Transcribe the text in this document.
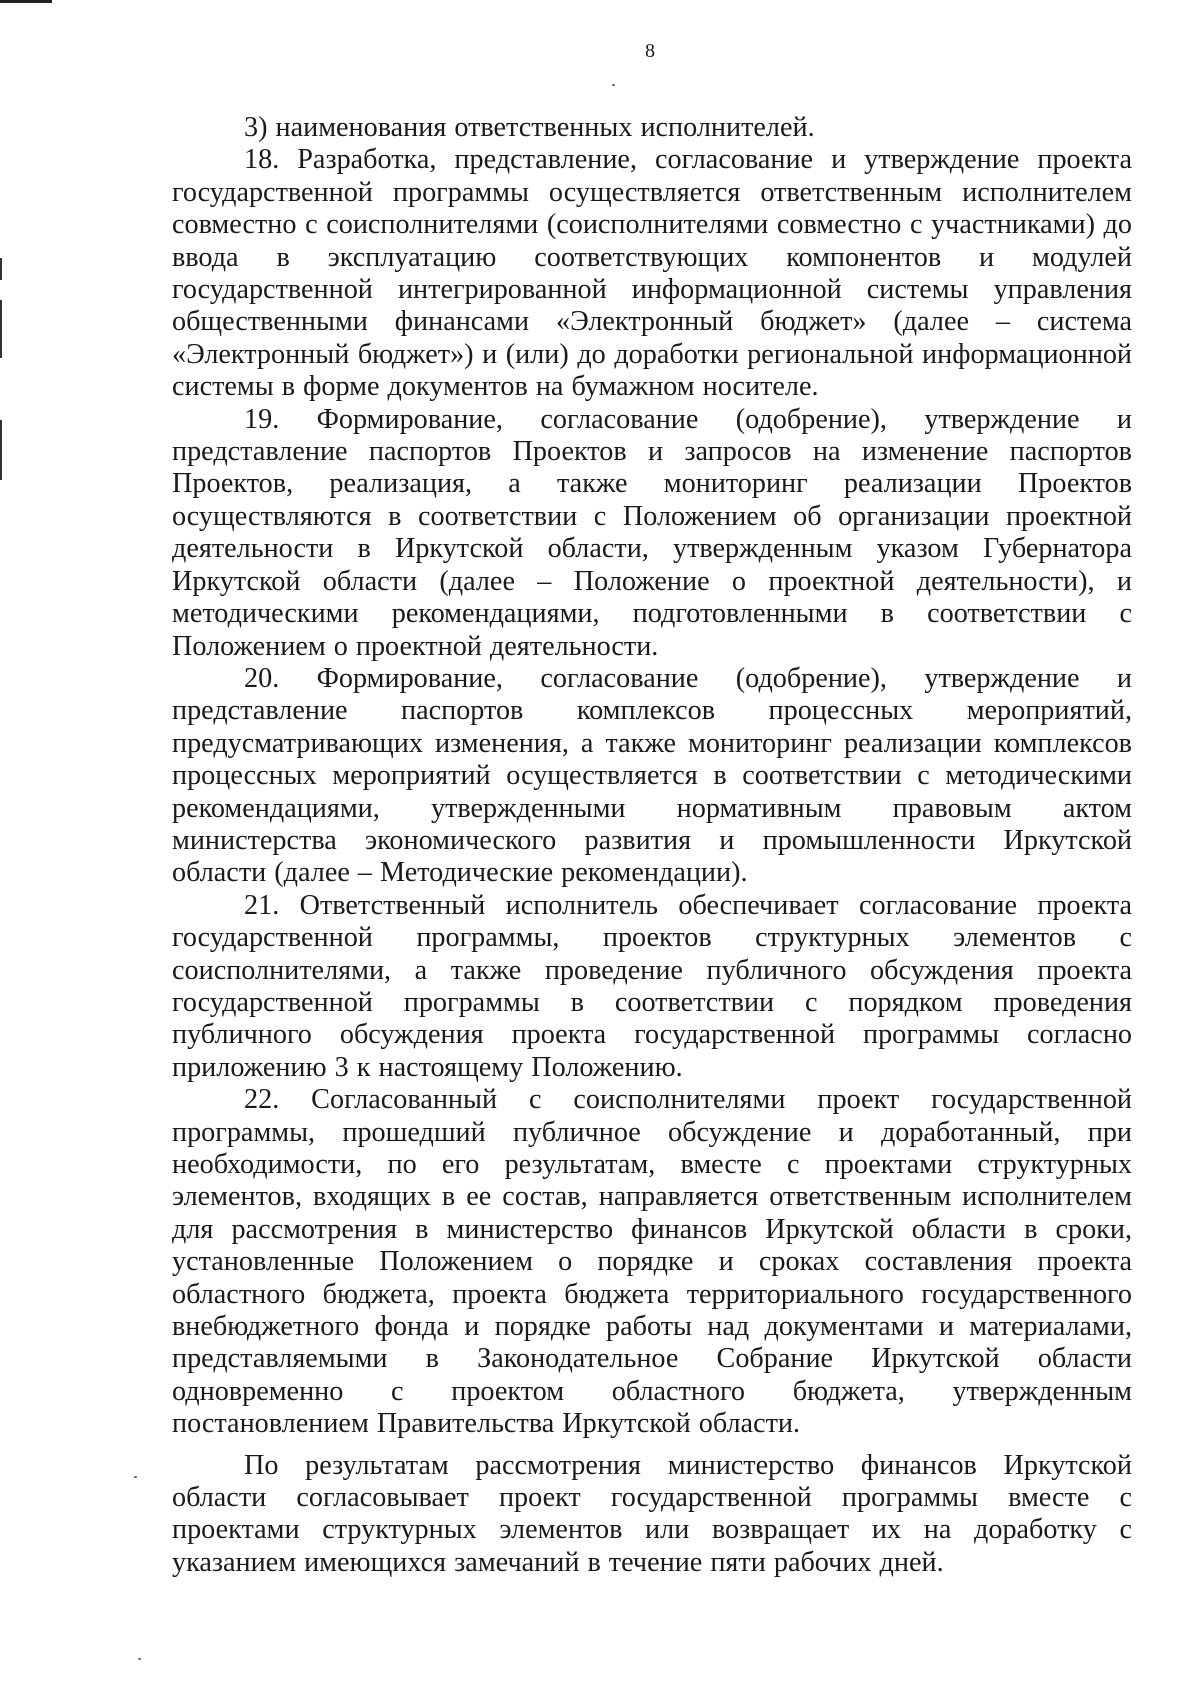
8

3) наименования ответственных исполнителей.

18. Разработка, представление, согласование и утверждение проекта государственной программы осуществляется ответственным исполнителем совместно с соисполнителями (соисполнителями совместно с участниками) до ввода в эксплуатацию соответствующих компонентов и модулей государственной интегрированной информационной системы управления общественными финансами «Электронный бюджет» (далее – система «Электронный бюджет») и (или) до доработки региональной информационной системы в форме документов на бумажном носителе.

19. Формирование, согласование (одобрение), утверждение и представление паспортов Проектов и запросов на изменение паспортов Проектов, реализация, а также мониторинг реализации Проектов осуществляются в соответствии с Положением об организации проектной деятельности в Иркутской области, утвержденным указом Губернатора Иркутской области (далее – Положение о проектной деятельности), и методическими рекомендациями, подготовленными в соответствии с Положением о проектной деятельности.

20. Формирование, согласование (одобрение), утверждение и представление паспортов комплексов процессных мероприятий, предусматривающих изменения, а также мониторинг реализации комплексов процессных мероприятий осуществляется в соответствии с методическими рекомендациями, утвержденными нормативным правовым актом министерства экономического развития и промышленности Иркутской области (далее – Методические рекомендации).

21. Ответственный исполнитель обеспечивает согласование проекта государственной программы, проектов структурных элементов с соисполнителями, а также проведение публичного обсуждения проекта государственной программы в соответствии с порядком проведения публичного обсуждения проекта государственной программы согласно приложению 3 к настоящему Положению.

22. Согласованный с соисполнителями проект государственной программы, прошедший публичное обсуждение и доработанный, при необходимости, по его результатам, вместе с проектами структурных элементов, входящих в ее состав, направляется ответственным исполнителем для рассмотрения в министерство финансов Иркутской области в сроки, установленные Положением о порядке и сроках составления проекта областного бюджета, проекта бюджета территориального государственного внебюджетного фонда и порядке работы над документами и материалами, представляемыми в Законодательное Собрание Иркутской области одновременно с проектом областного бюджета, утвержденным постановлением Правительства Иркутской области.

По результатам рассмотрения министерство финансов Иркутской области согласовывает проект государственной программы вместе с проектами структурных элементов или возвращает их на доработку с указанием имеющихся замечаний в течение пяти рабочих дней.
